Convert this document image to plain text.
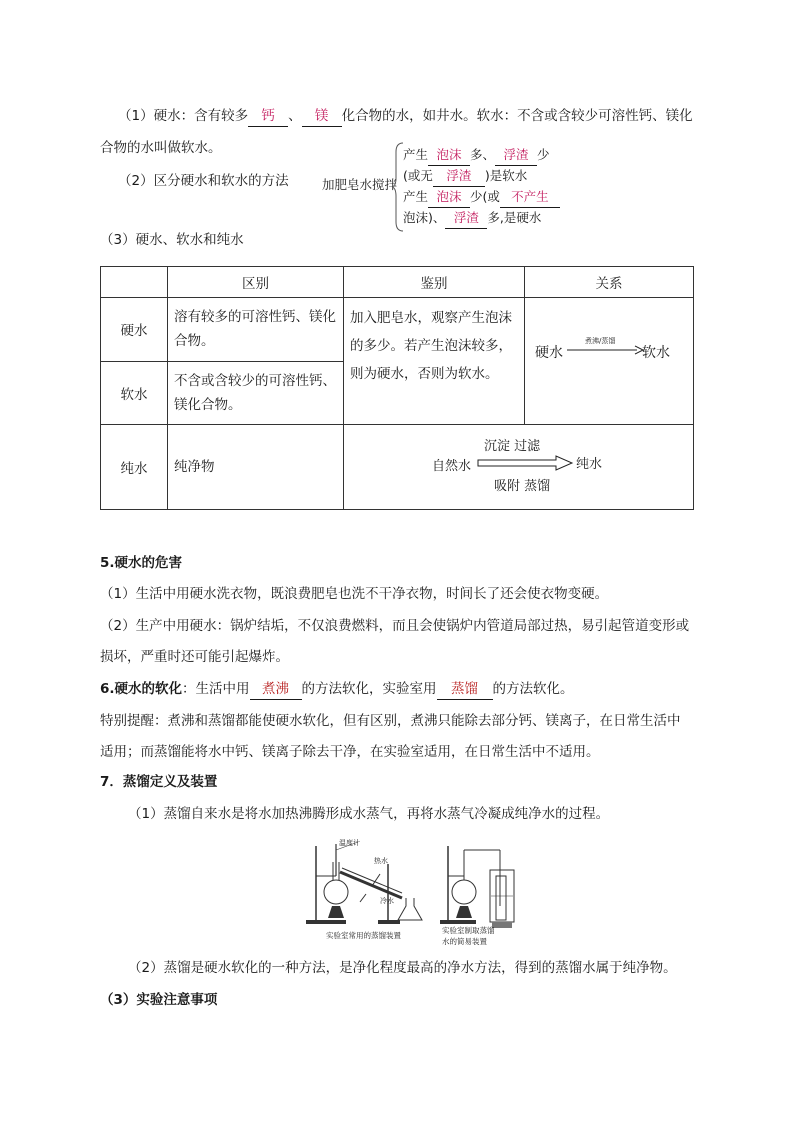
（1）硬水：含有较多 钙 、 镁 化合物的水，如井水。软水：不含或含较少可溶性钙、镁化
合物的水叫做软水。
（2）区分硬水和软水的方法	加肥皂水搅拌
产生 泡沫 多、 浮渣 少
(或无 浮渣 )是软水
产生 泡沫 少(或 不产生
泡沫)、 浮渣 多,是硬水
（3）硬水、软水和纯水
	区别	鉴别	关系
硬水	溶有较多的可溶性钙、镁化合物。	加入肥皂水，观察产生泡沫的多少。若产生泡沫较多，则为硬水，否则为软水。	硬水
煮沸/蒸馏
软水

软水	不含或含较少的可溶性钙、镁化合物。		

纯水	纯净物	自然水
沉淀 过滤
吸附 蒸馏
纯水	
5.硬水的危害
（1）生活中用硬水洗衣物，既浪费肥皂也洗不干净衣物，时间长了还会使衣物变硬。
（2）生产中用硬水：锅炉结垢，不仅浪费燃料，而且会使锅炉内管道局部过热，易引起管道变形或
损坏，严重时还可能引起爆炸。
6.硬水的软化：生活中用 煮沸 的方法软化，实验室用 蒸馏 的方法软化。
特别提醒：煮沸和蒸馏都能使硬水软化，但有区别，煮沸只能除去部分钙、镁离子，在日常生活中
适用；而蒸馏能将水中钙、镁离子除去干净，在实验室适用，在日常生活中不适用。
7．蒸馏定义及装置
（1）蒸馏自来水是将水加热沸腾形成水蒸气，再将水蒸气冷凝成纯净水的过程。
温度计
热水
冷水
实验室常用的蒸馏装置
实验室制取蒸馏
水的简易装置
（2）蒸馏是硬水软化的一种方法，是净化程度最高的净水方法，得到的蒸馏水属于纯净物。
（3）实验注意事项
